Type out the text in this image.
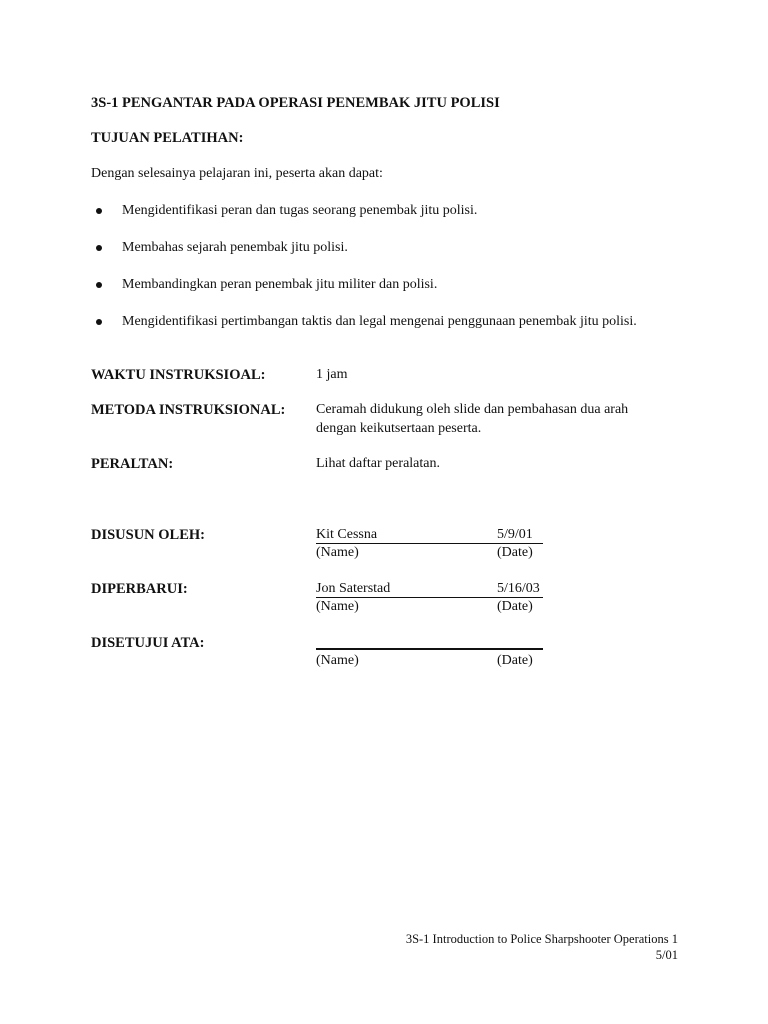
3S-1 PENGANTAR PADA OPERASI PENEMBAK JITU POLISI
TUJUAN PELATIHAN:
Dengan selesainya pelajaran ini, peserta akan dapat:
Mengidentifikasi peran dan tugas seorang penembak jitu polisi.
Membahas sejarah penembak jitu polisi.
Membandingkan peran penembak jitu militer dan polisi.
Mengidentifikasi pertimbangan taktis dan legal mengenai penggunaan penembak jitu polisi.
WAKTU INSTRUKSIOAL:	1 jam
METODA INSTRUKSIONAL: Ceramah didukung oleh slide dan pembahasan dua arah
dengan keikutsertaan peserta.
PERALTAN:	Lihat daftar peralatan.
DISUSUN OLEH:	Kit Cessna	5/9/01
(Name)	(Date)
DIPERBARUI:	Jon Saterstad	5/16/03
(Name)	(Date)
DISETUJUI ATA:
(Name)	(Date)
3S-1 Introduction to Police Sharpshooter Operations 1
5/01
